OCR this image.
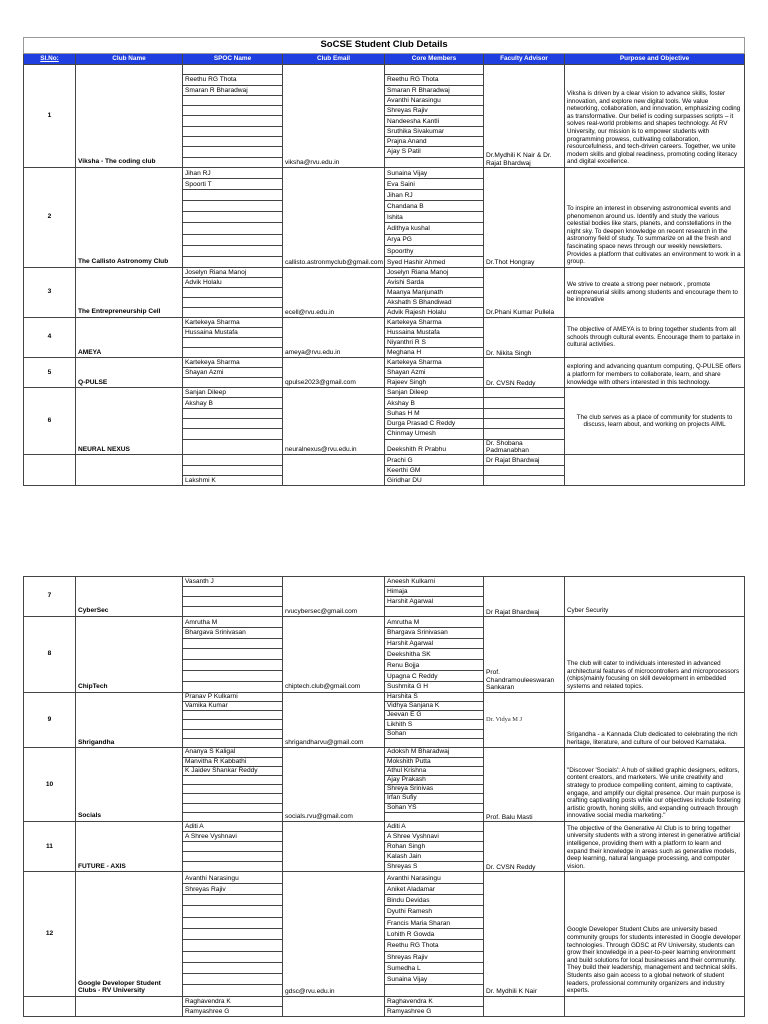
SoCSE Student Club Details						
Sl.No:	Club Name	SPOC Name	Club Email	Core Members	Faculty Advisor	Purpose and Objective
1	Viksha - The coding club		viksha@rvu.edu.in		Dr.Mydhili K Nair & Dr. Rajat Bhardwaj	Viksha is driven by a clear vision to advance skills, foster innovation, and explore new digital tools. We value networking, collaboration, and innovation, emphasizing coding as transformative. Our belief is coding surpasses scripts – it solves real-world problems and shapes technology. At RV University, our mission is to empower students with programming prowess, cultivating collaboration, resourcefulness, and tech-driven careers. Together, we unite modern skills and global readiness, promoting coding literacy and digital excellence.
		Reethu RG Thota		Reethu RG Thota		
		Smaran R Bharadwaj		Smaran R Bharadwaj		
				Avanthi Narasingu		
				Shreyas Rajiv		
				Nandeesha Kantli		
				Sruthika Sivakumar		
				Prajna Anand		
				Ajay S Patil		

2	The Callisto Astronomy Club	Jihan RJ	callisto.astronmyclub@gmail.com	Sunaina Vijay	Dr.Thot Hongray	To inspire an interest in observing astronomical events and phenomenon around us. Identify and study the various celestial bodies like stars, planets, and constellations in the night sky. To deepen knowledge on recent research in the astronomy field of study. To summarize on all the fresh and fascinating space news through our weekly newsletters. Provides a platform that cultivates an environment to work in a group.
		Spoorti T		Eva Saini		
				Jihan RJ		
				Chandana B		
				Ishita		
				Adithya kushal		
				Arya PG		
				Spoorthy		
				Syed Hashir Ahmed		
3	The Entrepreneurship Cell	Joselyn Riana Manoj	ecell@rvu.edu.in	Joselyn Riana Manoj	Dr.Phani Kumar Pullela	We strive to create a strong peer network , promote entrepreneurial skills among students and encourage them to be innovative
		Advik Holalu		Avishi Sarda		
				Maanya Manjunath		
				Akshath S Bhandiwad		
				Advik Rajesh Holalu		
4	AMEYA	Kartekeya Sharma	ameya@rvu.edu.in	Kartekeya Sharma	Dr. Nikita Singh	The objective of AMEYA is to bring together students from all schools through cultural events. Encourage them to partake in cultural activities.
		Hussaina Mustafa		Hussaina Mustafa		
				Niyanthri R S		
				Meghana H		
5	Q-PULSE	Kartekeya Sharma	qpulse2023@gmail.com	Kartekeya Sharma	Dr. CVSN Reddy	exploring and advancing quantum computing, Q-PULSE offers a platform for members to collaborate, learn, and share knowledge with others interested in this technology.
		Shayan Azmi		Shayan Azmi		
				Rajeev Singh		
6	NEURAL NEXUS	Sanjan Dileep	neuralnexus@rvu.edu.in	Sanjan Dileep		The club serves as a place of community for students to discuss, learn about, and working on projects AIML
		Akshay B		Akshay B		
				Suhas H M		
				Durga Prasad C Reddy		
				Chinmay Umesh		
				Deekshith R Prabhu	Dr. Shobana Padmanabhan	
				Prachi G	Dr Rajat Bhardwaj	
				Keerthi GM		
		Lakshmi K		Giridhar DU		
7	CyberSec	Vasanth J	rvucybersec@gmail.com	Aneesh Kulkarni	Dr Rajat Bhardwaj	Cyber Security
				Himaja		
				Harshit Agarwal		

8	ChipTech	Amrutha M	chiptech.club@gmail.com	Amrutha M	Prof. Chandramouleeswaran Sankaran	The club will cater to individuals interested in advanced architectural features of microcontrollers and microprocessors (chips)mainly focusing on skill development in embedded systems and related topics.
		Bhargava Srinivasan		Bhargava Srinivasan		
				Harshit Agarwal		
				Deekshitha SK		
				Renu Bojja		
				Upagna C Reddy		
				Sushmita G H		
9	Shrigandha	Pranav P Kulkarni	shrigandharvu@gmail.com	Harshita S	Dr. Vidya M J	Srigandha - a Kannada Club dedicated to celebrating the rich heritage, literature, and culture of our beloved Karnataka.
		Vamika Kumar		Vidhya Sanjana K		
				Jeevan E G		
				Likhith S		
				Sohan		

10	Socials	Ananya S Kaligal	socials.rvu@gmail.com	Adoksh M Bharadwaj	Prof. Balu Masti	"Discover 'Socials': A hub of skilled graphic designers, editors, content creators, and marketers. We unite creativity and strategy to produce compelling content, aiming to captivate, engage, and amplify our digital presence. Our main purpose is crafting captivating posts while our objectives include fostering artistic growth, honing skills, and expanding outreach through innovative social media marketing."
		Manvitha R Kabbathi		Mokshith Putta		
		K Jaidev Shankar Reddy		Athul Krishna		
				Ajay Prakash		
				Shreya Srinivas		
				Irfan Sufiy		
				Sohan YS		

11	FUTURE - AXIS	Aditi A		Aditi A	Dr. CVSN Reddy	The objective of the Generative AI Club is to bring together university students with a strong interest in generative artificial intelligence, providing them with a platform to learn and expand their knowledge in areas such as generative models, deep learning, natural language processing, and computer vision.
		A Shree Vyshnavi		A Shree Vyshnavi		
				Rohan Singh		
				Kalash Jain		
				Shreyas S		
12	Google Developer Student Clubs - RV University	Avanthi Narasingu	gdsc@rvu.edu.in	Avanthi Narasingu	Dr. Mydhili K Nair	Google Developer Student Clubs are university based community groups for students interested in Google developer technologies. Through GDSC at RV University, students can grow their knowledge in a peer-to-peer learning environment and build solutions for local businesses and their community. They build their leadership, management and technical skills. Students also gain access to a global network of student leaders, professional community organizers and industry experts.
		Shreyas Rajiv		Aniket Aladamar		
				Bindu Devidas		
				Dyuthi Ramesh		
				Francis Maria Sharan		
				Lohith R Gowda		
				Reethu RG Thota		
				Shreyas Rajiv		
				Sumedha L		
				Sunaina Vijay		

		Raghavendra K		Raghavendra K		
		Ramyashree G		Ramyashree G		
